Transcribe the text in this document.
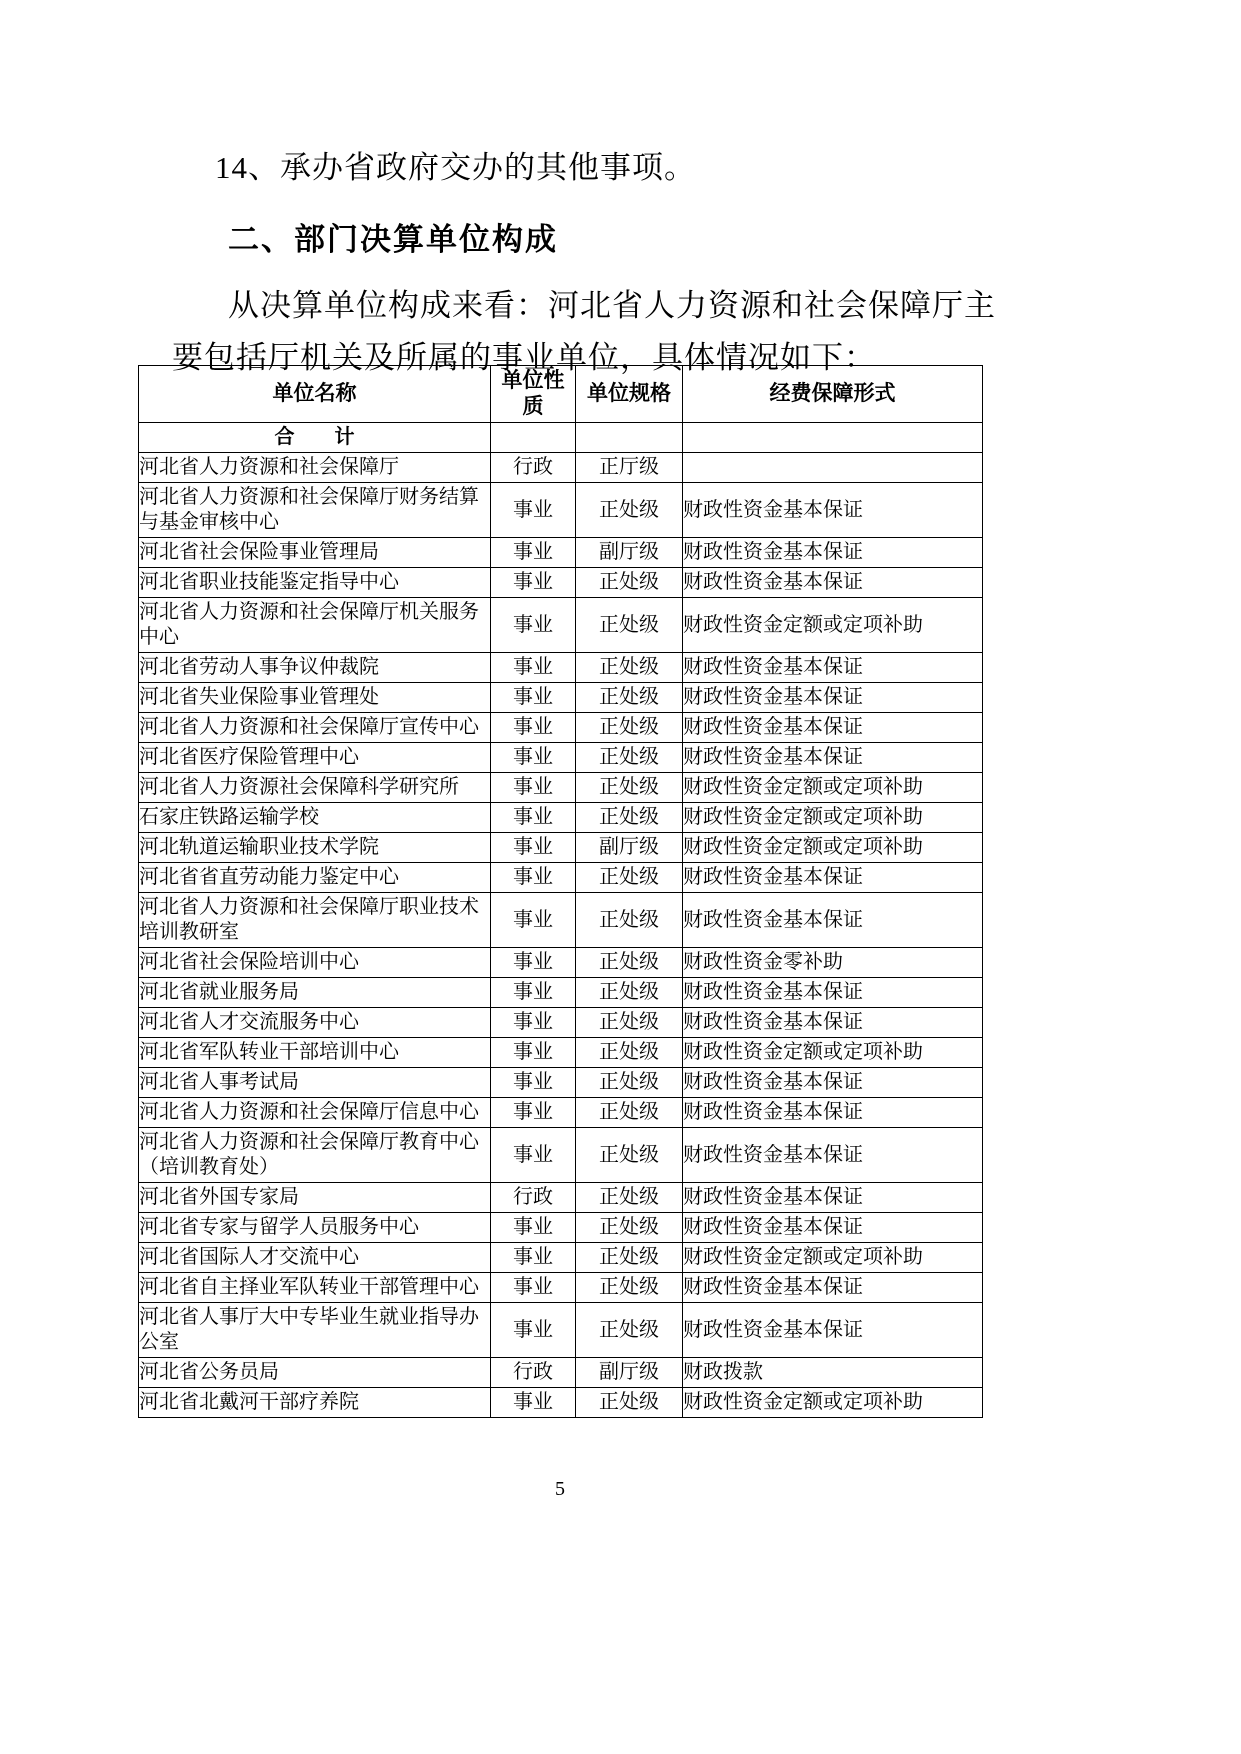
14、承办省政府交办的其他事项。

二、部门决算单位构成

从决算单位构成来看：河北省人力资源和社会保障厅主

要包括厅机关及所属的事业单位，具体情况如下：

单位名称	单位性质	单位规格	经费保障形式
合　　计			
河北省人力资源和社会保障厅	行政	正厅级	
河北省人力资源和社会保障厅财务结算与基金审核中心	事业	正处级	财政性资金基本保证
河北省社会保险事业管理局	事业	副厅级	财政性资金基本保证
河北省职业技能鉴定指导中心	事业	正处级	财政性资金基本保证
河北省人力资源和社会保障厅机关服务中心	事业	正处级	财政性资金定额或定项补助
河北省劳动人事争议仲裁院	事业	正处级	财政性资金基本保证
河北省失业保险事业管理处	事业	正处级	财政性资金基本保证
河北省人力资源和社会保障厅宣传中心	事业	正处级	财政性资金基本保证
河北省医疗保险管理中心	事业	正处级	财政性资金基本保证
河北省人力资源社会保障科学研究所	事业	正处级	财政性资金定额或定项补助
石家庄铁路运输学校	事业	正处级	财政性资金定额或定项补助
河北轨道运输职业技术学院	事业	副厅级	财政性资金定额或定项补助
河北省省直劳动能力鉴定中心	事业	正处级	财政性资金基本保证
河北省人力资源和社会保障厅职业技术培训教研室	事业	正处级	财政性资金基本保证
河北省社会保险培训中心	事业	正处级	财政性资金零补助
河北省就业服务局	事业	正处级	财政性资金基本保证
河北省人才交流服务中心	事业	正处级	财政性资金基本保证
河北省军队转业干部培训中心	事业	正处级	财政性资金定额或定项补助
河北省人事考试局	事业	正处级	财政性资金基本保证
河北省人力资源和社会保障厅信息中心	事业	正处级	财政性资金基本保证
河北省人力资源和社会保障厅教育中心（培训教育处）	事业	正处级	财政性资金基本保证
河北省外国专家局	行政	正处级	财政性资金基本保证
河北省专家与留学人员服务中心	事业	正处级	财政性资金基本保证
河北省国际人才交流中心	事业	正处级	财政性资金定额或定项补助
河北省自主择业军队转业干部管理中心	事业	正处级	财政性资金基本保证
河北省人事厅大中专毕业生就业指导办公室	事业	正处级	财政性资金基本保证
河北省公务员局	行政	副厅级	财政拨款
河北省北戴河干部疗养院	事业	正处级	财政性资金定额或定项补助
5
